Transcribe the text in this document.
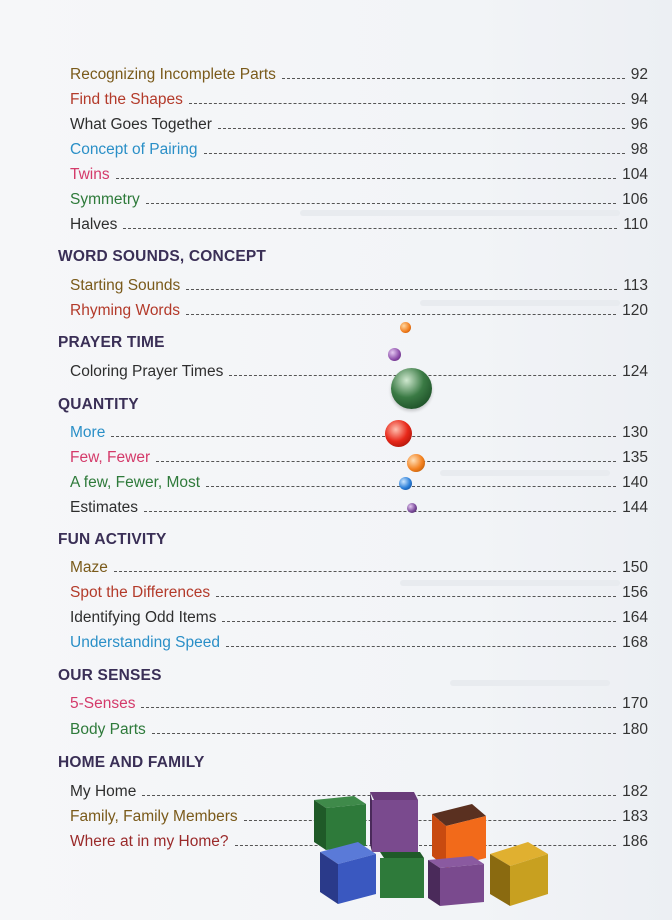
Recognizing Incomplete Parts	92
Find the Shapes	94
What Goes Together	96
Concept of Pairing	98
Twins	104
Symmetry	106
Halves	110
WORD SOUNDS, CONCEPT
Starting Sounds	113
Rhyming Words	120
PRAYER TIME
Coloring Prayer Times	124
QUANTITY
More	130
Few, Fewer	135
A few, Fewer, Most	140
Estimates	144
FUN ACTIVITY
Maze	150
Spot the Differences	156
Identifying Odd Items	164
Understanding Speed	168
OUR SENSES
5-Senses	170
Body Parts	180
HOME AND FAMILY
My Home	182
Family, Family Members	183
Where at in my Home?	186
